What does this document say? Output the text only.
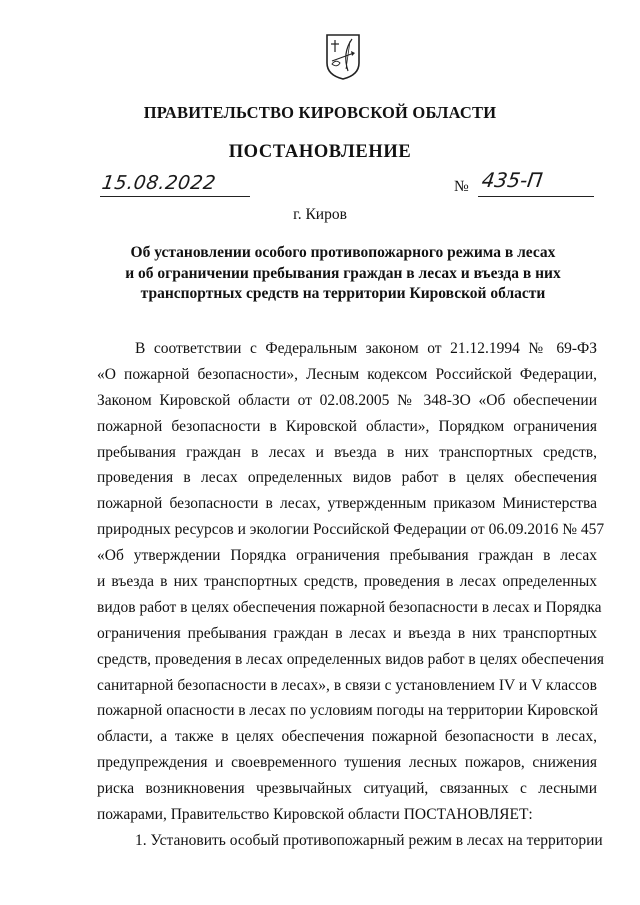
ПРАВИТЕЛЬСТВО КИРОВСКОЙ ОБЛАСТИ
ПОСТАНОВЛЕНИЕ
15.08.2022	№ 435-П
г. Киров
Об установлении особого противопожарного режима в лесах
и об ограничении пребывания граждан в лесах и въезда в них
транспортных средств на территории Кировской области
В соответствии с Федеральным законом от 21.12.1994 № 69-ФЗ
«О пожарной безопасности», Лесным кодексом Российской Федерации,
Законом Кировской области от 02.08.2005 № 348-ЗО «Об обеспечении
пожарной безопасности в Кировской области», Порядком ограничения
пребывания граждан в лесах и въезда в них транспортных средств,
проведения в лесах определенных видов работ в целях обеспечения
пожарной безопасности в лесах, утвержденным приказом Министерства
природных ресурсов и экологии Российской Федерации от 06.09.2016 № 457
«Об утверждении Порядка ограничения пребывания граждан в лесах
и въезда в них транспортных средств, проведения в лесах определенных
видов работ в целях обеспечения пожарной безопасности в лесах и Порядка
ограничения пребывания граждан в лесах и въезда в них транспортных
средств, проведения в лесах определенных видов работ в целях обеспечения
санитарной безопасности в лесах», в связи с установлением IV и V классов
пожарной опасности в лесах по условиям погоды на территории Кировской
области, а также в целях обеспечения пожарной безопасности в лесах,
предупреждения и своевременного тушения лесных пожаров, снижения
риска возникновения чрезвычайных ситуаций, связанных с лесными
пожарами, Правительство Кировской области ПОСТАНОВЛЯЕТ:
1. Установить особый противопожарный режим в лесах на территории
